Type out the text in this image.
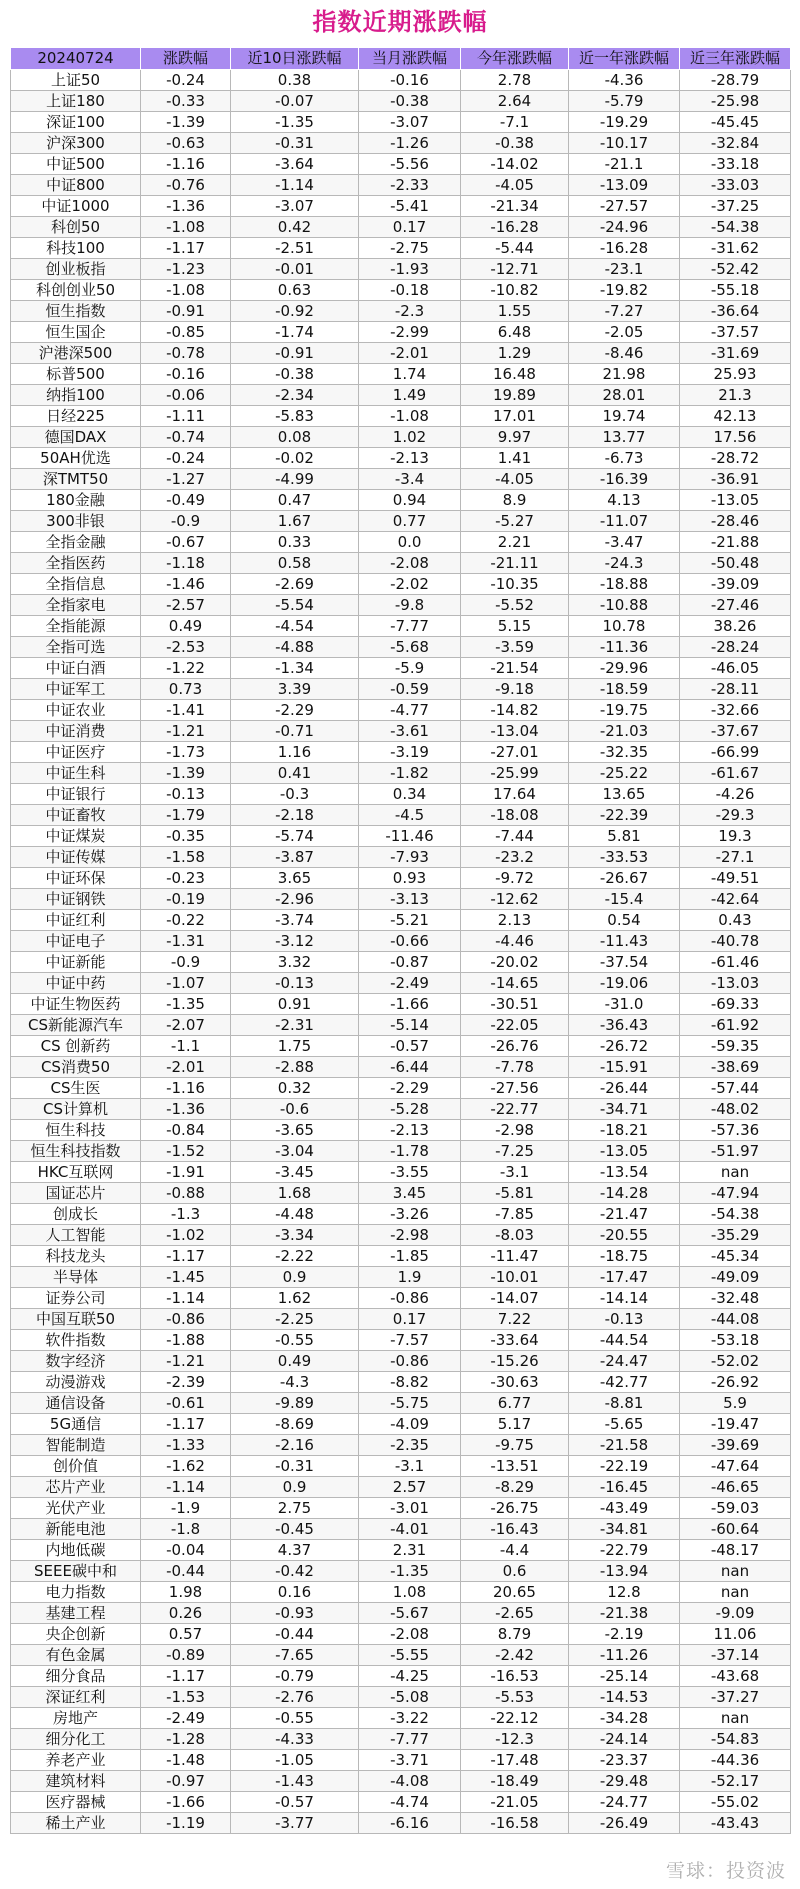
指数近期涨跌幅
20240724	涨跌幅	近10日涨跌幅	当月涨跌幅	今年涨跌幅	近一年涨跌幅	近三年涨跌幅
上证50	-0.24	0.38	-0.16	2.78	-4.36	-28.79
上证180	-0.33	-0.07	-0.38	2.64	-5.79	-25.98
深证100	-1.39	-1.35	-3.07	-7.1	-19.29	-45.45
沪深300	-0.63	-0.31	-1.26	-0.38	-10.17	-32.84
中证500	-1.16	-3.64	-5.56	-14.02	-21.1	-33.18
中证800	-0.76	-1.14	-2.33	-4.05	-13.09	-33.03
中证1000	-1.36	-3.07	-5.41	-21.34	-27.57	-37.25
科创50	-1.08	0.42	0.17	-16.28	-24.96	-54.38
科技100	-1.17	-2.51	-2.75	-5.44	-16.28	-31.62
创业板指	-1.23	-0.01	-1.93	-12.71	-23.1	-52.42
科创创业50	-1.08	0.63	-0.18	-10.82	-19.82	-55.18
恒生指数	-0.91	-0.92	-2.3	1.55	-7.27	-36.64
恒生国企	-0.85	-1.74	-2.99	6.48	-2.05	-37.57
沪港深500	-0.78	-0.91	-2.01	1.29	-8.46	-31.69
标普500	-0.16	-0.38	1.74	16.48	21.98	25.93
纳指100	-0.06	-2.34	1.49	19.89	28.01	21.3
日经225	-1.11	-5.83	-1.08	17.01	19.74	42.13
德国DAX	-0.74	0.08	1.02	9.97	13.77	17.56
50AH优选	-0.24	-0.02	-2.13	1.41	-6.73	-28.72
深TMT50	-1.27	-4.99	-3.4	-4.05	-16.39	-36.91
180金融	-0.49	0.47	0.94	8.9	4.13	-13.05
300非银	-0.9	1.67	0.77	-5.27	-11.07	-28.46
全指金融	-0.67	0.33	0.0	2.21	-3.47	-21.88
全指医药	-1.18	0.58	-2.08	-21.11	-24.3	-50.48
全指信息	-1.46	-2.69	-2.02	-10.35	-18.88	-39.09
全指家电	-2.57	-5.54	-9.8	-5.52	-10.88	-27.46
全指能源	0.49	-4.54	-7.77	5.15	10.78	38.26
全指可选	-2.53	-4.88	-5.68	-3.59	-11.36	-28.24
中证白酒	-1.22	-1.34	-5.9	-21.54	-29.96	-46.05
中证军工	0.73	3.39	-0.59	-9.18	-18.59	-28.11
中证农业	-1.41	-2.29	-4.77	-14.82	-19.75	-32.66
中证消费	-1.21	-0.71	-3.61	-13.04	-21.03	-37.67
中证医疗	-1.73	1.16	-3.19	-27.01	-32.35	-66.99
中证生科	-1.39	0.41	-1.82	-25.99	-25.22	-61.67
中证银行	-0.13	-0.3	0.34	17.64	13.65	-4.26
中证畜牧	-1.79	-2.18	-4.5	-18.08	-22.39	-29.3
中证煤炭	-0.35	-5.74	-11.46	-7.44	5.81	19.3
中证传媒	-1.58	-3.87	-7.93	-23.2	-33.53	-27.1
中证环保	-0.23	3.65	0.93	-9.72	-26.67	-49.51
中证钢铁	-0.19	-2.96	-3.13	-12.62	-15.4	-42.64
中证红利	-0.22	-3.74	-5.21	2.13	0.54	0.43
中证电子	-1.31	-3.12	-0.66	-4.46	-11.43	-40.78
中证新能	-0.9	3.32	-0.87	-20.02	-37.54	-61.46
中证中药	-1.07	-0.13	-2.49	-14.65	-19.06	-13.03
中证生物医药	-1.35	0.91	-1.66	-30.51	-31.0	-69.33
CS新能源汽车	-2.07	-2.31	-5.14	-22.05	-36.43	-61.92
CS 创新药	-1.1	1.75	-0.57	-26.76	-26.72	-59.35
CS消费50	-2.01	-2.88	-6.44	-7.78	-15.91	-38.69
CS生医	-1.16	0.32	-2.29	-27.56	-26.44	-57.44
CS计算机	-1.36	-0.6	-5.28	-22.77	-34.71	-48.02
恒生科技	-0.84	-3.65	-2.13	-2.98	-18.21	-57.36
恒生科技指数	-1.52	-3.04	-1.78	-7.25	-13.05	-51.97
HKC互联网	-1.91	-3.45	-3.55	-3.1	-13.54	nan
国证芯片	-0.88	1.68	3.45	-5.81	-14.28	-47.94
创成长	-1.3	-4.48	-3.26	-7.85	-21.47	-54.38
人工智能	-1.02	-3.34	-2.98	-8.03	-20.55	-35.29
科技龙头	-1.17	-2.22	-1.85	-11.47	-18.75	-45.34
半导体	-1.45	0.9	1.9	-10.01	-17.47	-49.09
证券公司	-1.14	1.62	-0.86	-14.07	-14.14	-32.48
中国互联50	-0.86	-2.25	0.17	7.22	-0.13	-44.08
软件指数	-1.88	-0.55	-7.57	-33.64	-44.54	-53.18
数字经济	-1.21	0.49	-0.86	-15.26	-24.47	-52.02
动漫游戏	-2.39	-4.3	-8.82	-30.63	-42.77	-26.92
通信设备	-0.61	-9.89	-5.75	6.77	-8.81	5.9
5G通信	-1.17	-8.69	-4.09	5.17	-5.65	-19.47
智能制造	-1.33	-2.16	-2.35	-9.75	-21.58	-39.69
创价值	-1.62	-0.31	-3.1	-13.51	-22.19	-47.64
芯片产业	-1.14	0.9	2.57	-8.29	-16.45	-46.65
光伏产业	-1.9	2.75	-3.01	-26.75	-43.49	-59.03
新能电池	-1.8	-0.45	-4.01	-16.43	-34.81	-60.64
内地低碳	-0.04	4.37	2.31	-4.4	-22.79	-48.17
SEEE碳中和	-0.44	-0.42	-1.35	0.6	-13.94	nan
电力指数	1.98	0.16	1.08	20.65	12.8	nan
基建工程	0.26	-0.93	-5.67	-2.65	-21.38	-9.09
央企创新	0.57	-0.44	-2.08	8.79	-2.19	11.06
有色金属	-0.89	-7.65	-5.55	-2.42	-11.26	-37.14
细分食品	-1.17	-0.79	-4.25	-16.53	-25.14	-43.68
深证红利	-1.53	-2.76	-5.08	-5.53	-14.53	-37.27
房地产	-2.49	-0.55	-3.22	-22.12	-34.28	nan
细分化工	-1.28	-4.33	-7.77	-12.3	-24.14	-54.83
养老产业	-1.48	-1.05	-3.71	-17.48	-23.37	-44.36
建筑材料	-0.97	-1.43	-4.08	-18.49	-29.48	-52.17
医疗器械	-1.66	-0.57	-4.74	-21.05	-24.77	-55.02
稀土产业	-1.19	-3.77	-6.16	-16.58	-26.49	-43.43
雪球：投资波
